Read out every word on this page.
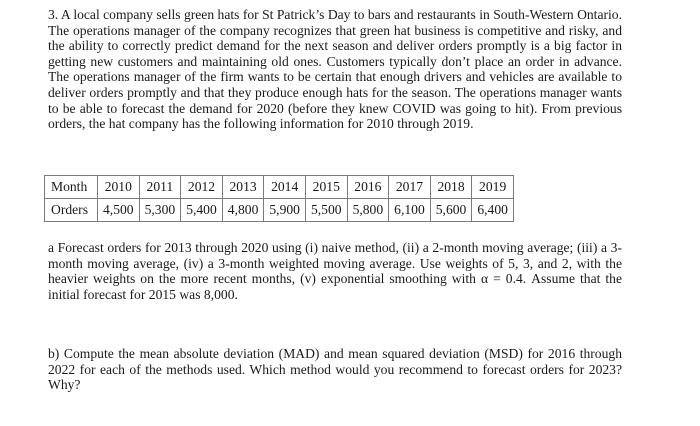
3. A local company sells green hats for St Patrick’s Day to bars and restaurants in South-Western Ontario. The operations manager of the company recognizes that green hat business is competitive and risky, and the ability to correctly predict demand for the next season and deliver orders promptly is a big factor in getting new customers and maintaining old ones. Customers typically don’t place an order in advance. The operations manager of the firm wants to be certain that enough drivers and vehicles are available to deliver orders promptly and that they produce enough hats for the season. The operations manager wants to be able to forecast the demand for 2020 (before they knew COVID was going to hit). From previous orders, the hat company has the following information for 2010 through 2019.

Month	2010	2011	2012	2013	2014	2015	2016	2017	2018	2019
Orders	4,500	5,300	5,400	4,800	5,900	5,500	5,800	6,100	5,600	6,400

a Forecast orders for 2013 through 2020 using (i) naive method, (ii) a 2-month moving average; (iii) a 3-month moving average, (iv) a 3-month weighted moving average. Use weights of 5, 3, and 2, with the heavier weights on the more recent months, (v) exponential smoothing with α = 0.4. Assume that the initial forecast for 2015 was 8,000.

b) Compute the mean absolute deviation (MAD) and mean squared deviation (MSD) for 2016 through 2022 for each of the methods used. Which method would you recommend to forecast orders for 2023? Why?
